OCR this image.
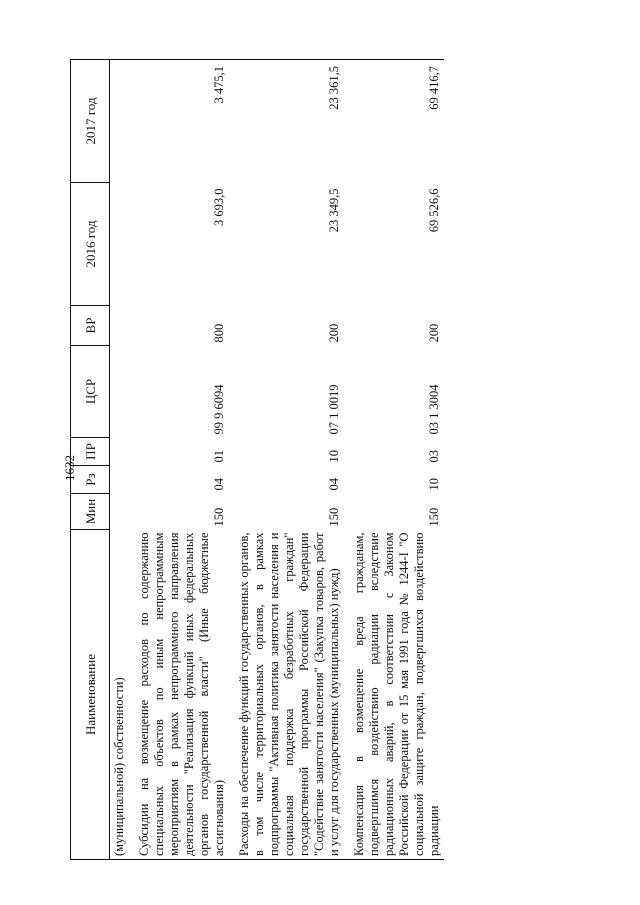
1632
Наименование	Мин	Рз	ПР	ЦСР	ВР	2016 год	2017 год
(муниципальной) собственности)							

Субсидии на возмещение расходов по содержанию специальных объектов по иным непрограммным мероприятиям в рамках непрограммного направления деятельности "Реализация функций иных федеральных органов государственной власти" (Иные бюджетные ассигнования)	150	04	01	99 9 6094	800	3 693,0	3 475,1

Расходы на обеспечение функций государственных органов, в том числе территориальных органов, в рамках подпрограммы "Активная политика занятости населения и социальная поддержка безработных граждан" государственной программы Российской Федерации "Содействие занятости населения" (Закупка товаров, работ и услуг для государственных (муниципальных) нужд)	150	04	10	07 1 0019	200	23 349,5	23 361,5

Компенсация в возмещение вреда гражданам, подвергшимся воздействию радиации вследствие радиационных аварий, в соответствии с Законом Российской Федерации от 15 мая 1991 года № 1244-I "О социальной защите граждан, подвергшихся воздействию радиации	150	10	03	03 1 3004	200	69 526,6	69 416,7
